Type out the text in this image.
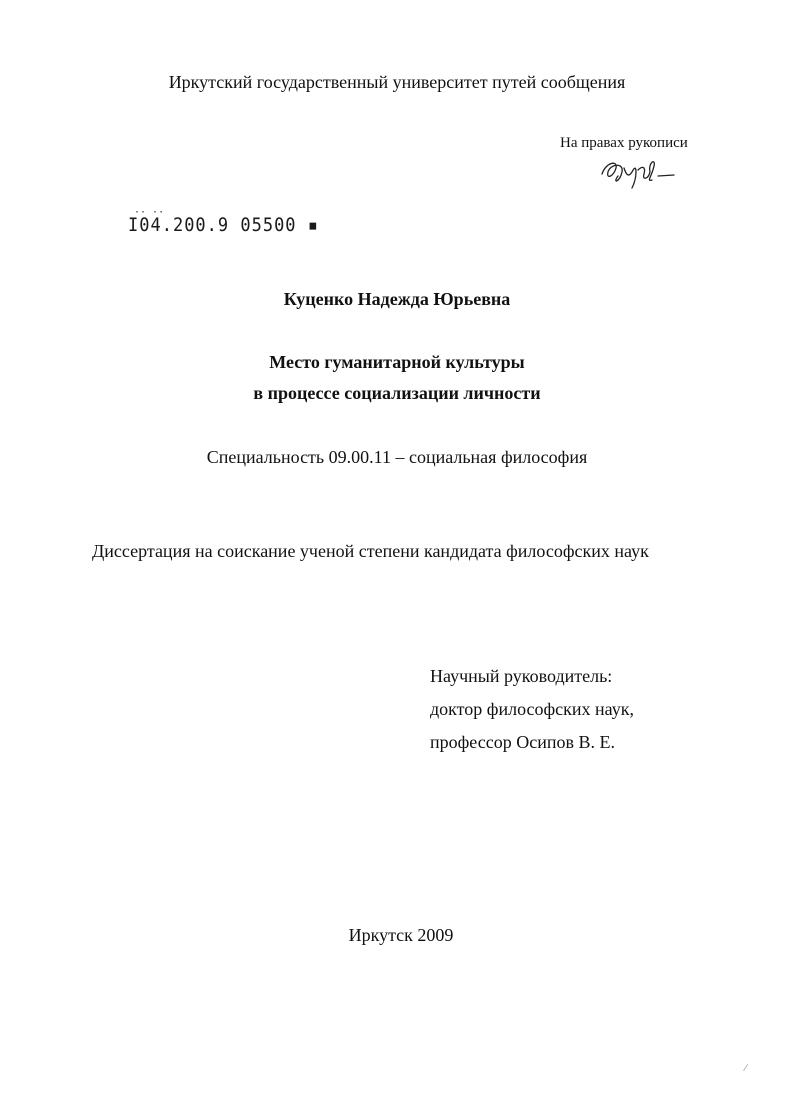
Иркутский государственный университет путей сообщения
На правах рукописи
·· ··
I04.200.9 05500 ▪
Куценко Надежда Юрьевна
Место гуманитарной культуры
в процессе социализации личности
Специальность 09.00.11 – социальная философия
Диссертация на соискание ученой степени кандидата философских наук
Научный руководитель:
доктор философских наук,
профессор Осипов В. Е.
Иркутск 2009
/
